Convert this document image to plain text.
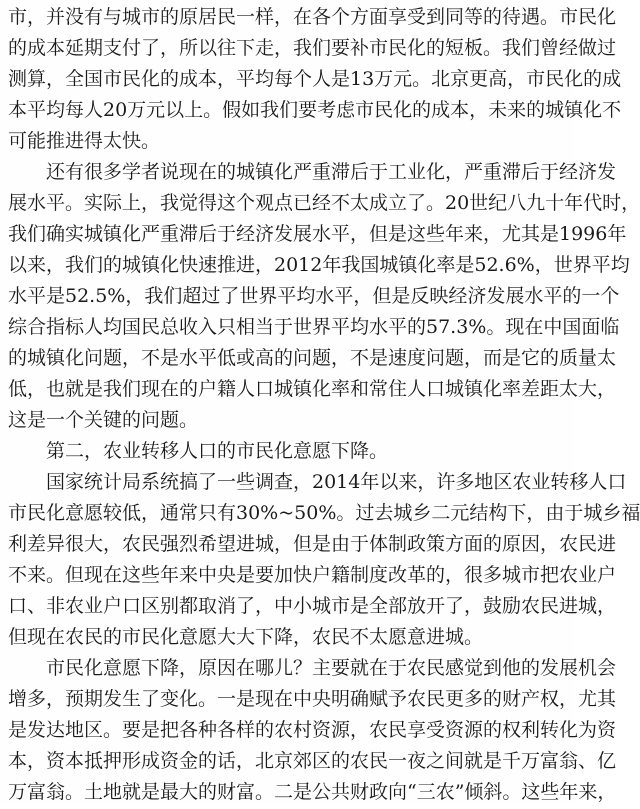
市，并没有与城市的原居民一样，在各个方面享受到同等的待遇。市民化
的成本延期支付了，所以往下走，我们要补市民化的短板。我们曾经做过
测算，全国市民化的成本，平均每个人是13万元。北京更高，市民化的成
本平均每人20万元以上。假如我们要考虑市民化的成本，未来的城镇化不
可能推进得太快。
还有很多学者说现在的城镇化严重滞后于工业化，严重滞后于经济发
展水平。实际上，我觉得这个观点已经不太成立了。20世纪八九十年代时，
我们确实城镇化严重滞后于经济发展水平，但是这些年来，尤其是1996年
以来，我们的城镇化快速推进，2012年我国城镇化率是52.6%，世界平均
水平是52.5%，我们超过了世界平均水平，但是反映经济发展水平的一个
综合指标人均国民总收入只相当于世界平均水平的57.3%。现在中国面临
的城镇化问题，不是水平低或高的问题，不是速度问题，而是它的质量太
低，也就是我们现在的户籍人口城镇化率和常住人口城镇化率差距太大，
这是一个关键的问题。
第二，农业转移人口的市民化意愿下降。
国家统计局系统搞了一些调查，2014年以来，许多地区农业转移人口
市民化意愿较低，通常只有30%~50%。过去城乡二元结构下，由于城乡福
利差异很大，农民强烈希望进城，但是由于体制政策方面的原因，农民进
不来。但现在这些年来中央是要加快户籍制度改革的，很多城市把农业户
口、非农业户口区别都取消了，中小城市是全部放开了，鼓励农民进城，
但现在农民的市民化意愿大大下降，农民不太愿意进城。
市民化意愿下降，原因在哪儿？主要就在于农民感觉到他的发展机会
增多，预期发生了变化。一是现在中央明确赋予农民更多的财产权，尤其
是发达地区。要是把各种各样的农村资源，农民享受资源的权利转化为资
本，资本抵押形成资金的话，北京郊区的农民一夜之间就是千万富翁、亿
万富翁。土地就是最大的财富。二是公共财政向“三农”倾斜。这些年来，
